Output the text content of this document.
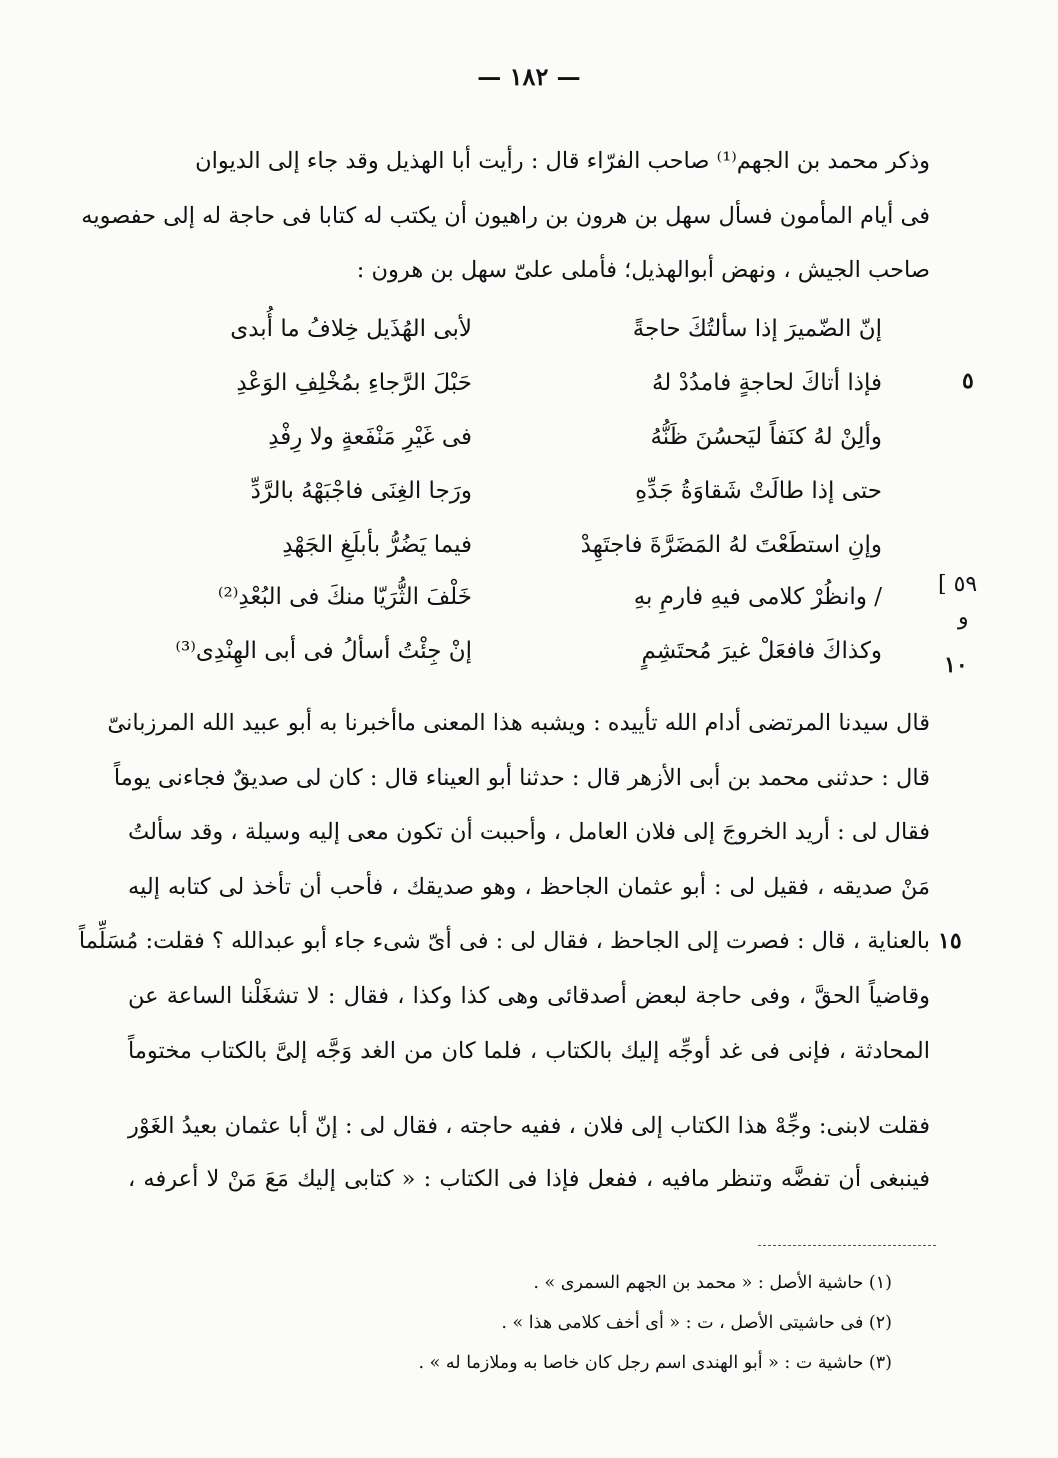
— ١٨٢ —
وذكر محمد بن الجهم⁽¹⁾ صاحب الفرّاء قال : رأيت أبا الهذيل وقد جاء إلى الديوان
فى أيام المأمون فسأل سهل بن هرون بن راهيون أن يكتب له كتابا فى حاجة له إلى حفصويه
صاحب الجيش ، ونهض أبوالهذيل؛ فأملى علىّ سهل بن هرون :
إنّ الضّميرَ إذا سألتُكَ حاجةً
لأبى الهُذَيل خِلافُ ما أُبدى
فإذا أتاكَ لحاجةٍ فامدُدْ لهُ
حَبْلَ الرَّجاءِ بمُخْلِفِ الوَعْدِ
وألِنْ لهُ كنَفاً ليَحسُنَ ظَنُّهُ
فى غَيْرِ مَنْفَعةٍ ولا رِفْدِ
حتى إذا طالَتْ شَقاوَةُ جَدِّهِ
ورَجا الغِنَى فاجْبَهْهُ بالرَّدِّ
وإنِ استطَعْتَ لهُ المَضَرَّةَ فاجتَهِدْ
فيما يَضُرُّ بأبلَغِ الجَهْدِ
/ وانظُرْ كلامى فيهِ فارمِ بهِ
خَلْفَ الثُّرَيّا منكَ فى البُعْدِ⁽²⁾
وكذاكَ فافعَلْ غيرَ مُحتَشِمٍ
إنْ جِئْتُ أسألُ فى أبى الهِنْدِى⁽³⁾
٥
١٠
١٥
[ ٥٩
و
قال سيدنا المرتضى أدام الله تأييده : ويشبه هذا المعنى ماأخبرنا به أبو عبيد الله المرزبانىّ
قال : حدثنى محمد بن أبى الأزهر قال : حدثنا أبو العيناء قال : كان لى صديقٌ فجاءنى يوماً
فقال لى : أريد الخروجَ إلى فلان العامل ، وأحببت أن تكون معى إليه وسيلة ، وقد سألتُ
مَنْ صديقه ، فقيل لى : أبو عثمان الجاحظ ، وهو صديقك ، فأحب أن تأخذ لى كتابه إليه
بالعناية ، قال : فصرت إلى الجاحظ ، فقال لى : فى أىّ شىء جاء أبو عبدالله ؟ فقلت: مُسَلِّماً
وقاضياً الحقَّ ، وفى حاجة لبعض أصدقائى وهى كذا وكذا ، فقال : لا تشغَلْنا الساعة عن
المحادثة ، فإنى فى غد أوجِّه إليك بالكتاب ، فلما كان من الغد وَجَّه إلىَّ بالكتاب مختوماً
فقلت لابنى: وجِّهْ هذا الكتاب إلى فلان ، ففيه حاجته ، فقال لى : إنّ أبا عثمان بعيدُ الغَوْر
فينبغى أن تفضَّه وتنظر مافيه ، ففعل فإذا فى الكتاب : « كتابى إليك مَعَ مَنْ لا أعرفه ،
(١) حاشية الأصل : « محمد بن الجهم السمرى » .
(٢) فى حاشيتى الأصل ، ت : « أى أخف كلامى هذا » .
(٣) حاشية ت : « أبو الهندى اسم رجل كان خاصا به وملازما له » .
